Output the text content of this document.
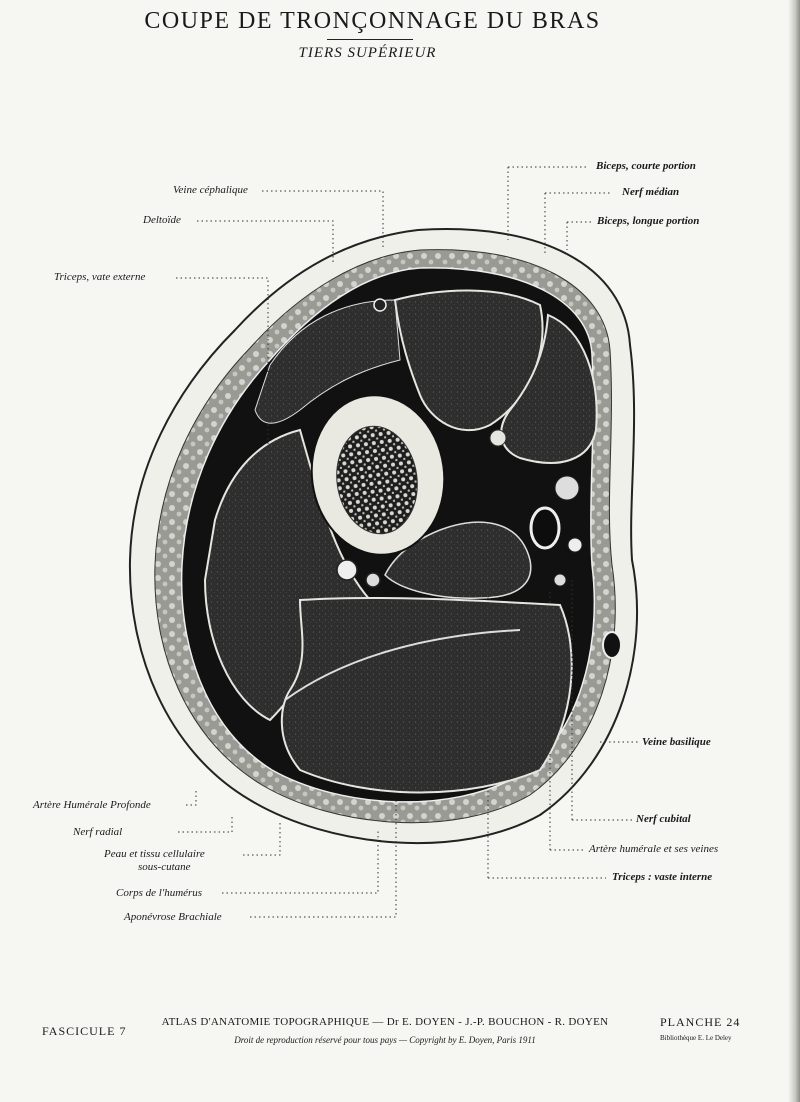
COUPE DE TRONÇONNAGE DU BRAS
TIERS SUPÉRIEUR
Biceps, courte portion
Veine céphalique	Nerf médian
Deltoïde	Biceps, longue portion
Triceps, vate externe
Veine basilique
Artère Humérale Profonde
Nerf cubital
Nerf radial
Artère humérale et ses veines
Peau et tissu cellulaire
sous-cutane
Triceps : vaste interne
Corps de l'humérus
Aponévrose Brachiale
FASCICULE 7
ATLAS D'ANATOMIE TOPOGRAPHIQUE — Dr E. DOYEN - J.-P. BOUCHON - R. DOYEN
Droit de reproduction réservé pour tous pays — Copyright by E. Doyen, Paris 1911
PLANCHE 24
Bibliothèque E. Le Deley
